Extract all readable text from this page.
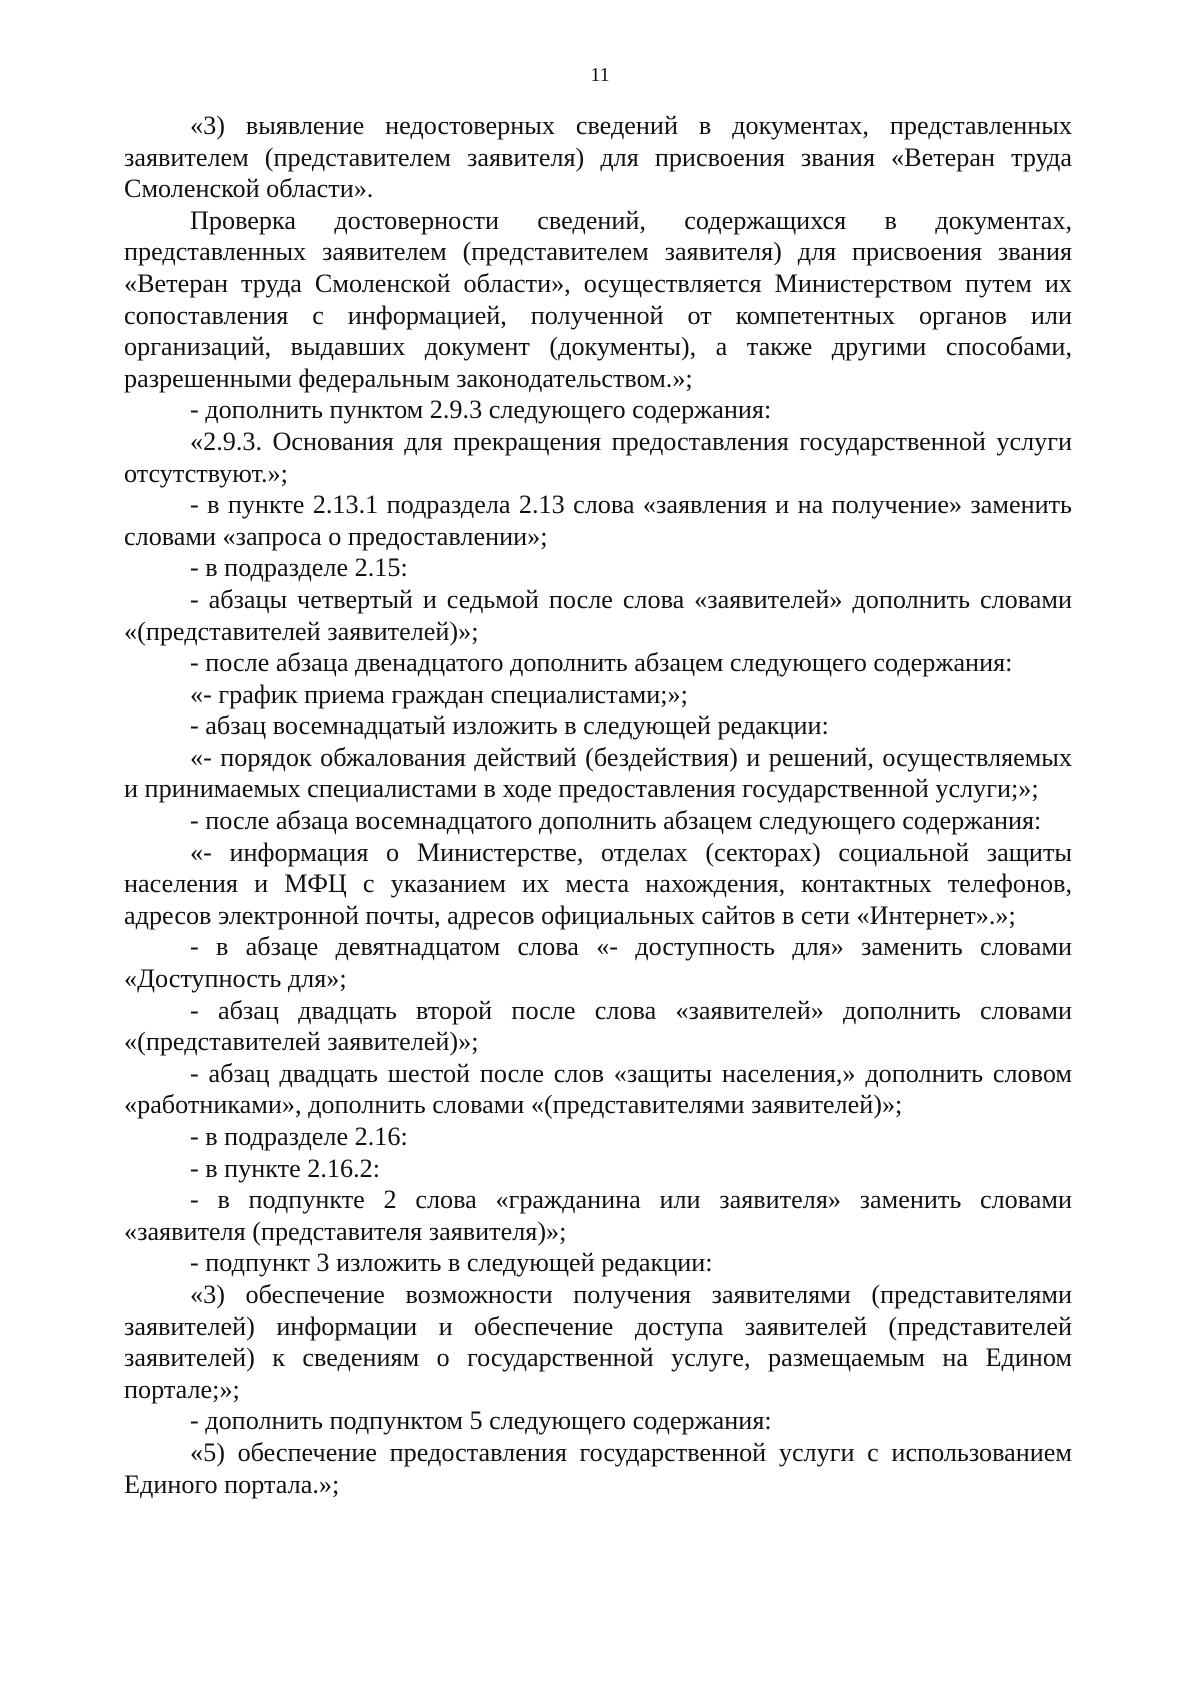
11

«3) выявление недостоверных сведений в документах, представленных заявителем (представителем заявителя) для присвоения звания «Ветеран труда Смоленской области».

Проверка достоверности сведений, содержащихся в документах, представленных заявителем (представителем заявителя) для присвоения звания «Ветеран труда Смоленской области», осуществляется Министерством путем их сопоставления с информацией, полученной от компетентных органов или организаций, выдавших документ (документы), а также другими способами, разрешенными федеральным законодательством.»;

- дополнить пунктом 2.9.3 следующего содержания:

«2.9.3. Основания для прекращения предоставления государственной услуги отсутствуют.»;

- в пункте 2.13.1 подраздела 2.13 слова «заявления и на получение» заменить словами «запроса о предоставлении»;

- в подразделе 2.15:

- абзацы четвертый и седьмой после слова «заявителей» дополнить словами «(представителей заявителей)»;

- после абзаца двенадцатого дополнить абзацем следующего содержания:

«- график приема граждан специалистами;»;

- абзац восемнадцатый изложить в следующей редакции:

«- порядок обжалования действий (бездействия) и решений, осуществляемых и принимаемых специалистами в ходе предоставления государственной услуги;»;

- после абзаца восемнадцатого дополнить абзацем следующего содержания:

«- информация о Министерстве, отделах (секторах) социальной защиты населения и МФЦ с указанием их места нахождения, контактных телефонов, адресов электронной почты, адресов официальных сайтов в сети «Интернет».»;

- в абзаце девятнадцатом слова «- доступность для» заменить словами «Доступность для»;

- абзац двадцать второй после слова «заявителей» дополнить словами «(представителей заявителей)»;

- абзац двадцать шестой после слов «защиты населения,» дополнить словом «работниками», дополнить словами «(представителями заявителей)»;

- в подразделе 2.16:

- в пункте 2.16.2:

- в подпункте 2 слова «гражданина или заявителя» заменить словами «заявителя (представителя заявителя)»;

- подпункт 3 изложить в следующей редакции:

«3) обеспечение возможности получения заявителями (представителями заявителей) информации и обеспечение доступа заявителей (представителей заявителей) к сведениям о государственной услуге, размещаемым на Едином портале;»;

- дополнить подпунктом 5 следующего содержания:

«5) обеспечение предоставления государственной услуги с использованием Единого портала.»;
